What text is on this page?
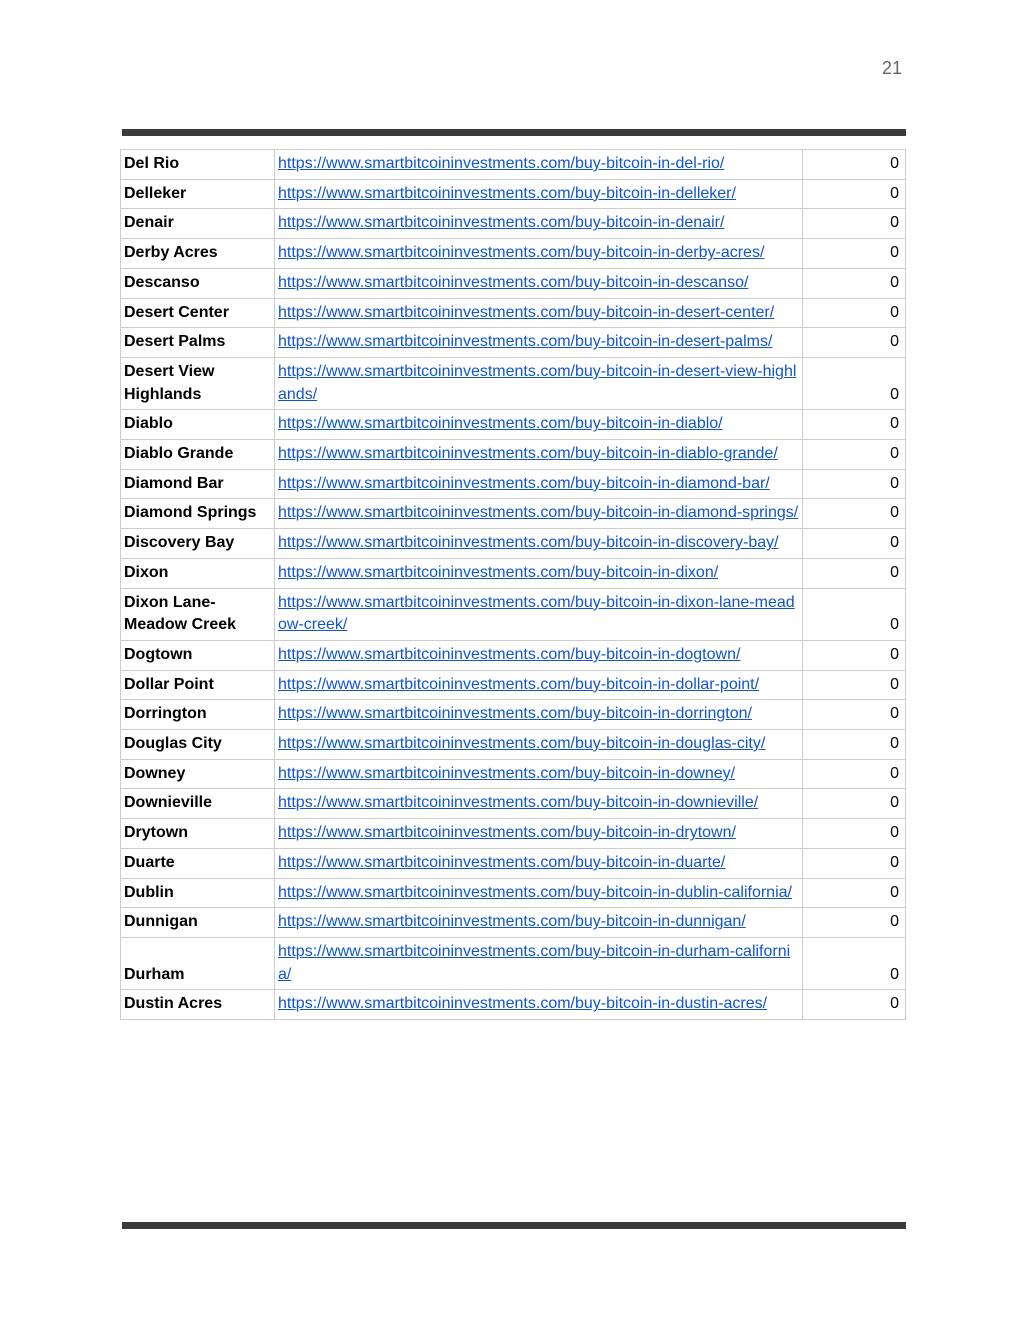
21
Del Rio	https://www.smartbitcoininvestments.com/buy-bitcoin-in-del-rio/	0
Delleker	https://www.smartbitcoininvestments.com/buy-bitcoin-in-delleker/	0
Denair	https://www.smartbitcoininvestments.com/buy-bitcoin-in-denair/	0
Derby Acres	https://www.smartbitcoininvestments.com/buy-bitcoin-in-derby-acres/	0
Descanso	https://www.smartbitcoininvestments.com/buy-bitcoin-in-descanso/	0
Desert Center	https://www.smartbitcoininvestments.com/buy-bitcoin-in-desert-center/	0
Desert Palms	https://www.smartbitcoininvestments.com/buy-bitcoin-in-desert-palms/	0
Desert View Highlands	https://www.smartbitcoininvestments.com/buy-bitcoin-in-desert-view-highlands/	0
Diablo	https://www.smartbitcoininvestments.com/buy-bitcoin-in-diablo/	0
Diablo Grande	https://www.smartbitcoininvestments.com/buy-bitcoin-in-diablo-grande/	0
Diamond Bar	https://www.smartbitcoininvestments.com/buy-bitcoin-in-diamond-bar/	0
Diamond Springs	https://www.smartbitcoininvestments.com/buy-bitcoin-in-diamond-springs/	0
Discovery Bay	https://www.smartbitcoininvestments.com/buy-bitcoin-in-discovery-bay/	0
Dixon	https://www.smartbitcoininvestments.com/buy-bitcoin-in-dixon/	0
Dixon Lane-Meadow Creek	https://www.smartbitcoininvestments.com/buy-bitcoin-in-dixon-lane-meadow-creek/	0
Dogtown	https://www.smartbitcoininvestments.com/buy-bitcoin-in-dogtown/	0
Dollar Point	https://www.smartbitcoininvestments.com/buy-bitcoin-in-dollar-point/	0
Dorrington	https://www.smartbitcoininvestments.com/buy-bitcoin-in-dorrington/	0
Douglas City	https://www.smartbitcoininvestments.com/buy-bitcoin-in-douglas-city/	0
Downey	https://www.smartbitcoininvestments.com/buy-bitcoin-in-downey/	0
Downieville	https://www.smartbitcoininvestments.com/buy-bitcoin-in-downieville/	0
Drytown	https://www.smartbitcoininvestments.com/buy-bitcoin-in-drytown/	0
Duarte	https://www.smartbitcoininvestments.com/buy-bitcoin-in-duarte/	0
Dublin	https://www.smartbitcoininvestments.com/buy-bitcoin-in-dublin-california/	0
Dunnigan	https://www.smartbitcoininvestments.com/buy-bitcoin-in-dunnigan/	0
Durham	https://www.smartbitcoininvestments.com/buy-bitcoin-in-durham-california/	0
Dustin Acres	https://www.smartbitcoininvestments.com/buy-bitcoin-in-dustin-acres/	0
